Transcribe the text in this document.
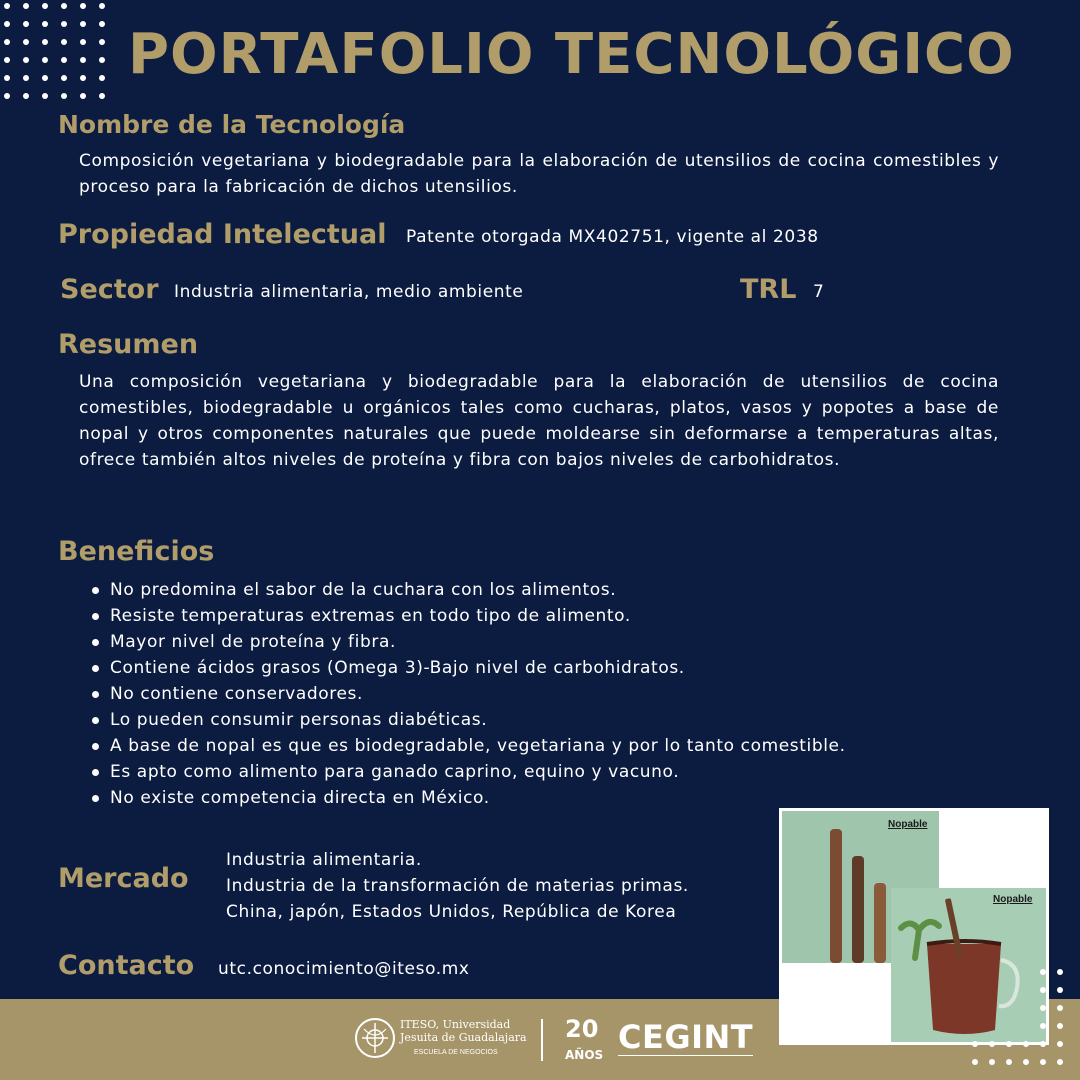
PORTAFOLIO TECNOLÓGICO
Nombre de la Tecnología
Composición vegetariana y biodegradable para la elaboración de utensilios de cocina comestibles y proceso para la fabricación de dichos utensilios.
Propiedad Intelectual Patente otorgada MX402751, vigente al 2038
Sector Industria alimentaria, medio ambiente	TRL 7
Resumen
Una composición vegetariana y biodegradable para la elaboración de utensilios de cocina comestibles, biodegradable u orgánicos tales como cucharas, platos, vasos y popotes a base de nopal y otros componentes naturales que puede moldearse sin deformarse a temperaturas altas, ofrece también altos niveles de proteína y fibra con bajos niveles de carbohidratos.
Beneficios
No predomina el sabor de la cuchara con los alimentos.
Resiste temperaturas extremas en todo tipo de alimento.
Mayor nivel de proteína y fibra.
Contiene ácidos grasos (Omega 3)-Bajo nivel de carbohidratos.
No contiene conservadores.
Lo pueden consumir personas diabéticas.
A base de nopal es que es biodegradable, vegetariana y por lo tanto comestible.
Es apto como alimento para ganado caprino, equino y vacuno.
No existe competencia directa en México.
Mercado
Industria alimentaria.
Industria de la transformación de materias primas.
China, japón, Estados Unidos, República de Korea
Contacto utc.conocimiento@iteso.mx
ITESO, Universidad
Jesuita de Guadalajara
ESCUELA DE NEGOCIOS
20
AÑOS CEGINT
Nopable
Nopable
